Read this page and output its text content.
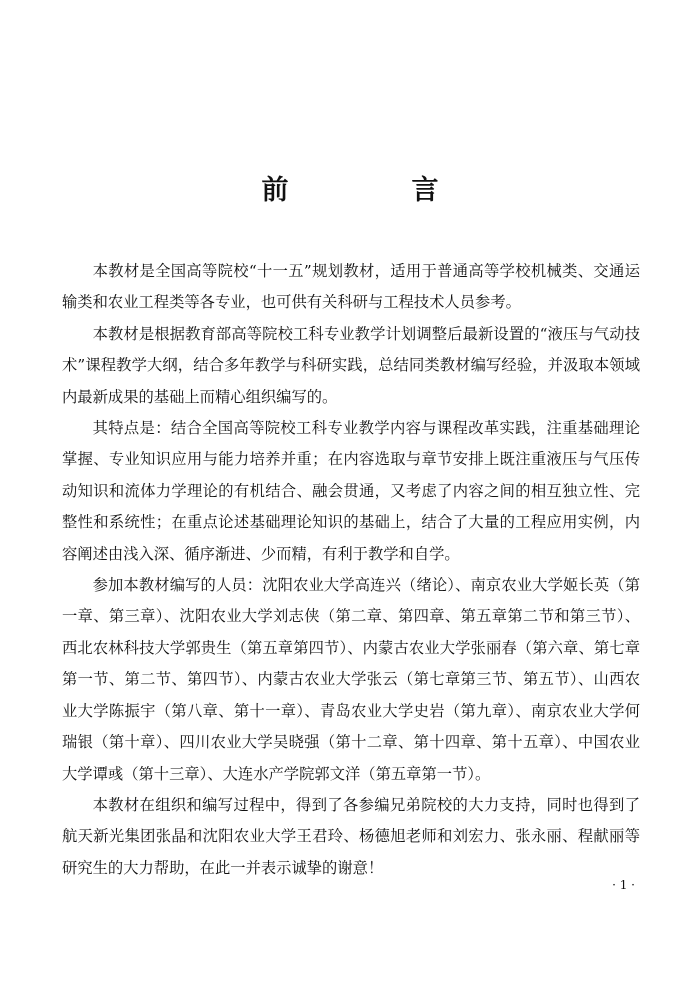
前　言

本教材是全国高等院校“十一五”规划教材，适用于普通高等学校机械类、交通运输类和农业工程类等各专业，也可供有关科研与工程技术人员参考。

本教材是根据教育部高等院校工科专业教学计划调整后最新设置的“液压与气动技术”课程教学大纲，结合多年教学与科研实践，总结同类教材编写经验，并汲取本领域内最新成果的基础上而精心组织编写的。

其特点是：结合全国高等院校工科专业教学内容与课程改革实践，注重基础理论掌握、专业知识应用与能力培养并重；在内容选取与章节安排上既注重液压与气压传动知识和流体力学理论的有机结合、融会贯通，又考虑了内容之间的相互独立性、完整性和系统性；在重点论述基础理论知识的基础上，结合了大量的工程应用实例，内容阐述由浅入深、循序渐进、少而精，有利于教学和自学。

参加本教材编写的人员：沈阳农业大学高连兴（绪论）、南京农业大学姬长英（第一章、第三章）、沈阳农业大学刘志侠（第二章、第四章、第五章第二节和第三节）、西北农林科技大学郭贵生（第五章第四节）、内蒙古农业大学张丽春（第六章、第七章第一节、第二节、第四节）、内蒙古农业大学张云（第七章第三节、第五节）、山西农业大学陈振宇（第八章、第十一章）、青岛农业大学史岩（第九章）、南京农业大学何瑞银（第十章）、四川农业大学吴晓强（第十二章、第十四章、第十五章）、中国农业大学谭彧（第十三章）、大连水产学院郭文洋（第五章第一节）。

本教材在组织和编写过程中，得到了各参编兄弟院校的大力支持，同时也得到了航天新光集团张晶和沈阳农业大学王君玲、杨德旭老师和刘宏力、张永丽、程献丽等研究生的大力帮助，在此一并表示诚挚的谢意！

· 1 ·
